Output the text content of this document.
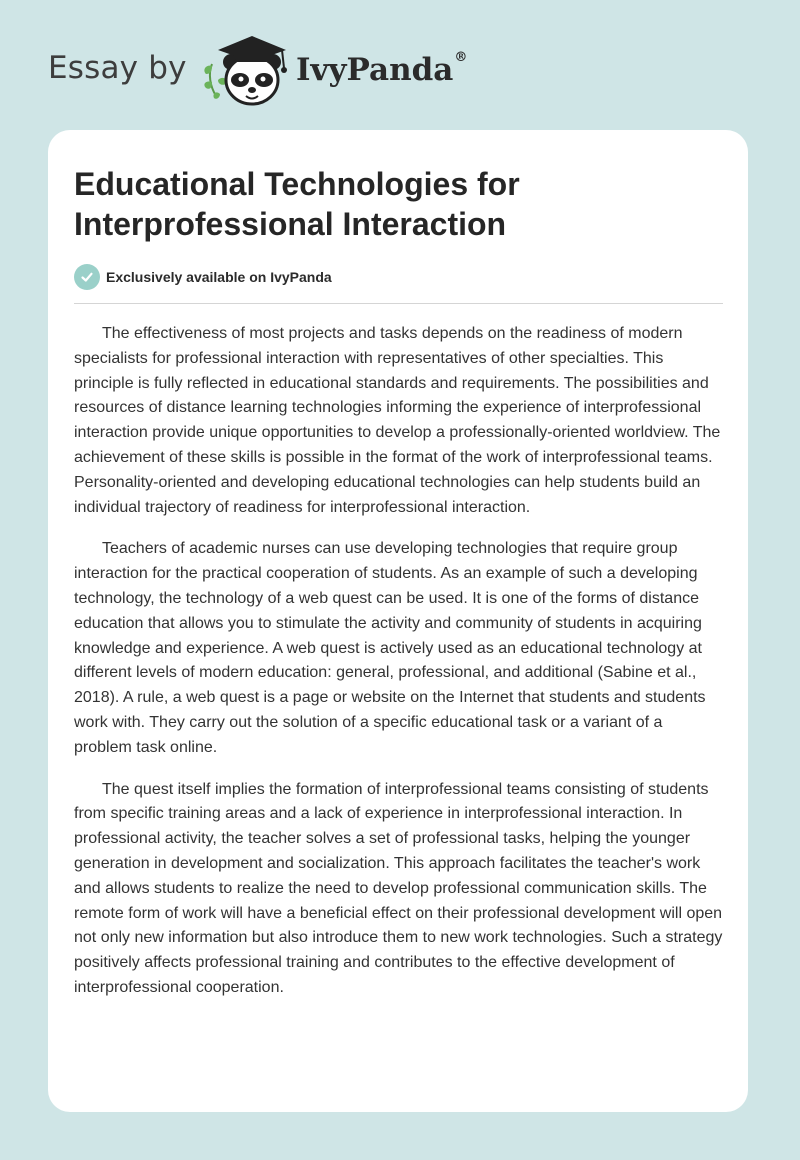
Essay by	IvyPanda®
Educational Technologies for Interprofessional Interaction
Exclusively available on IvyPanda

The effectiveness of most projects and tasks depends on the readiness of modern specialists for professional interaction with representatives of other specialties. This principle is fully reflected in educational standards and requirements. The possibilities and resources of distance learning technologies informing the experience of interprofessional interaction provide unique opportunities to develop a professionally-oriented worldview. The achievement of these skills is possible in the format of the work of interprofessional teams. Personality-oriented and developing educational technologies can help students build an individual trajectory of readiness for interprofessional interaction.

Teachers of academic nurses can use developing technologies that require group interaction for the practical cooperation of students. As an example of such a developing technology, the technology of a web quest can be used. It is one of the forms of distance education that allows you to stimulate the activity and community of students in acquiring knowledge and experience. A web quest is actively used as an educational technology at different levels of modern education: general, professional, and additional (Sabine et al., 2018). A rule, a web quest is a page or website on the Internet that students and students work with. They carry out the solution of a specific educational task or a variant of a problem task online.

The quest itself implies the formation of interprofessional teams consisting of students from specific training areas and a lack of experience in interprofessional interaction. In professional activity, the teacher solves a set of professional tasks, helping the younger generation in development and socialization. This approach facilitates the teacher's work and allows students to realize the need to develop professional communication skills. The remote form of work will have a beneficial effect on their professional development will open not only new information but also introduce them to new work technologies. Such a strategy positively affects professional training and contributes to the effective development of interprofessional cooperation.
